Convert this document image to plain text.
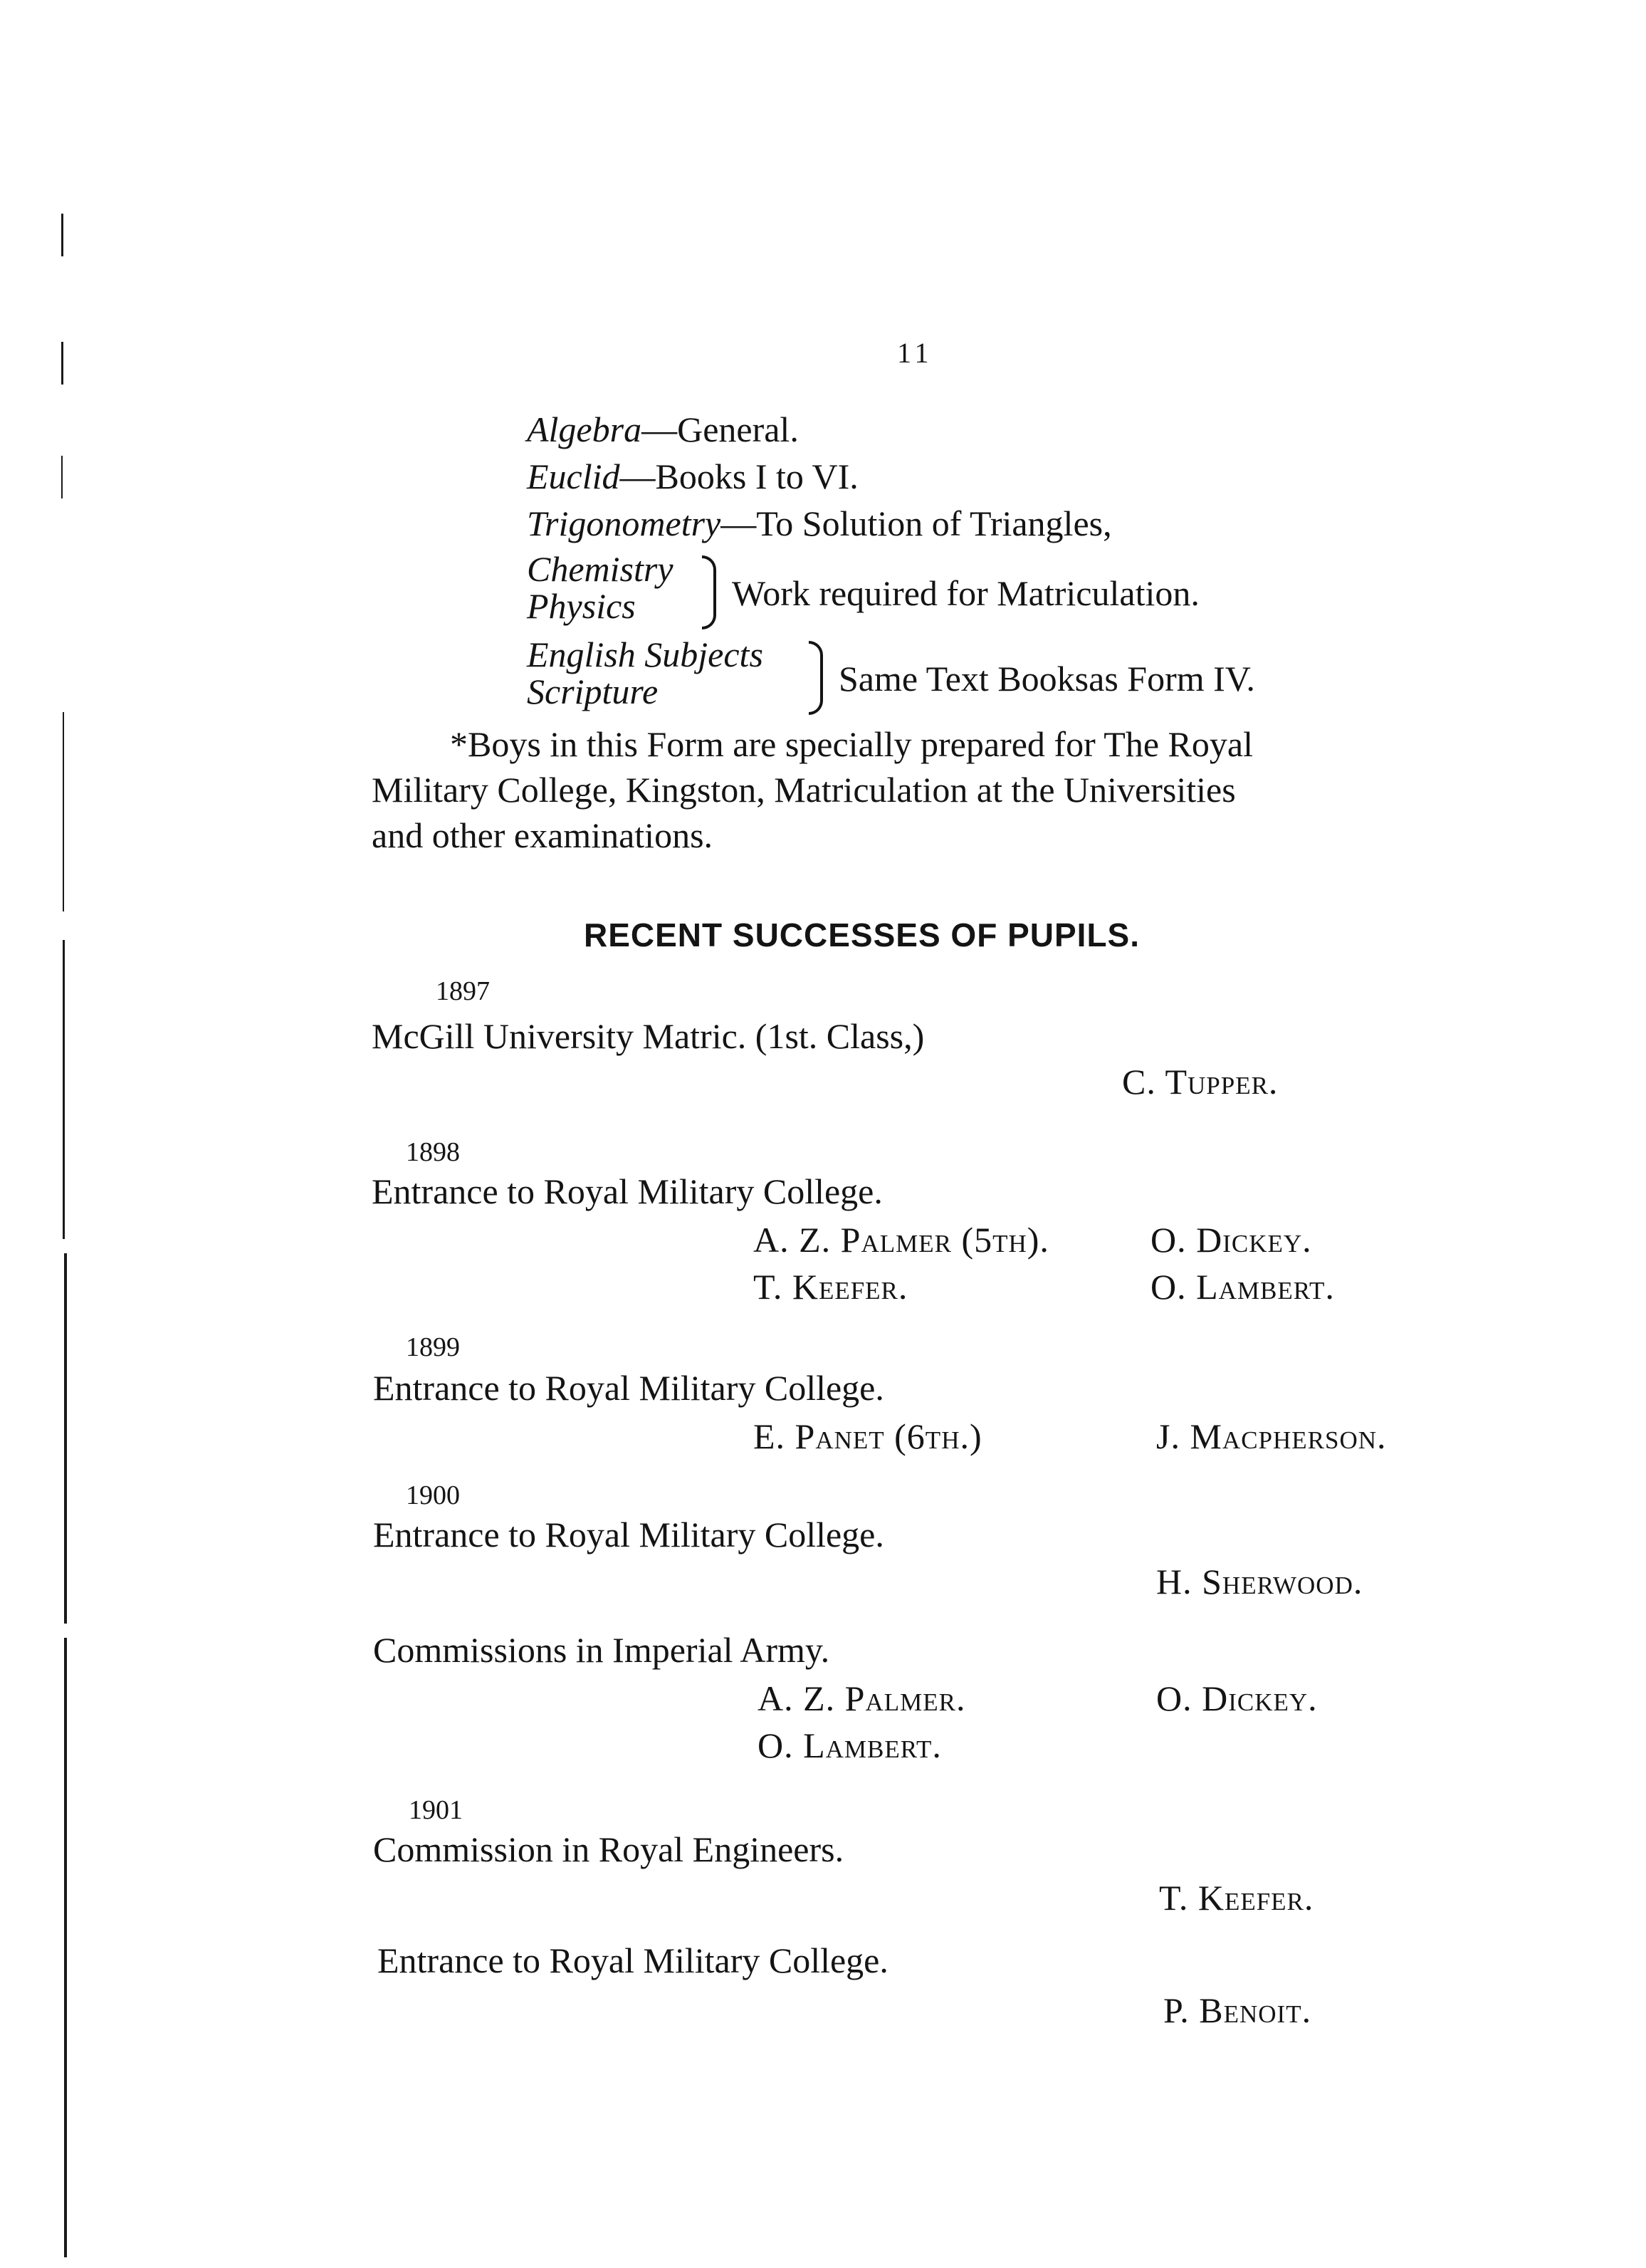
11
Algebra—General.
Euclid—Books I to VI.
Trigonometry—To Solution of Triangles,
Chemistry
Physics	Work required for Matriculation.
English Subjects
Scripture	Same Text Booksas Form IV.
*Boys in this Form are specially prepared for The Royal
Military College, Kingston, Matriculation at the Universities
and other examinations.
RECENT SUCCESSES OF PUPILS.
1897
McGill University Matric. (1st. Class,)
C. Tupper.
1898
Entrance to Royal Military College.
A. Z. Palmer (5th).	O. Dickey.
T. Keefer.	O. Lambert.
1899
Entrance to Royal Military College.
E. Panet (6th.)	J. Macpherson.
1900
Entrance to Royal Military College.
H. Sherwood.
Commissions in Imperial Army.
A. Z. Palmer.	O. Dickey.
O. Lambert.
1901
Commission in Royal Engineers.
T. Keefer.
Entrance to Royal Military College.
P. Benoit.
